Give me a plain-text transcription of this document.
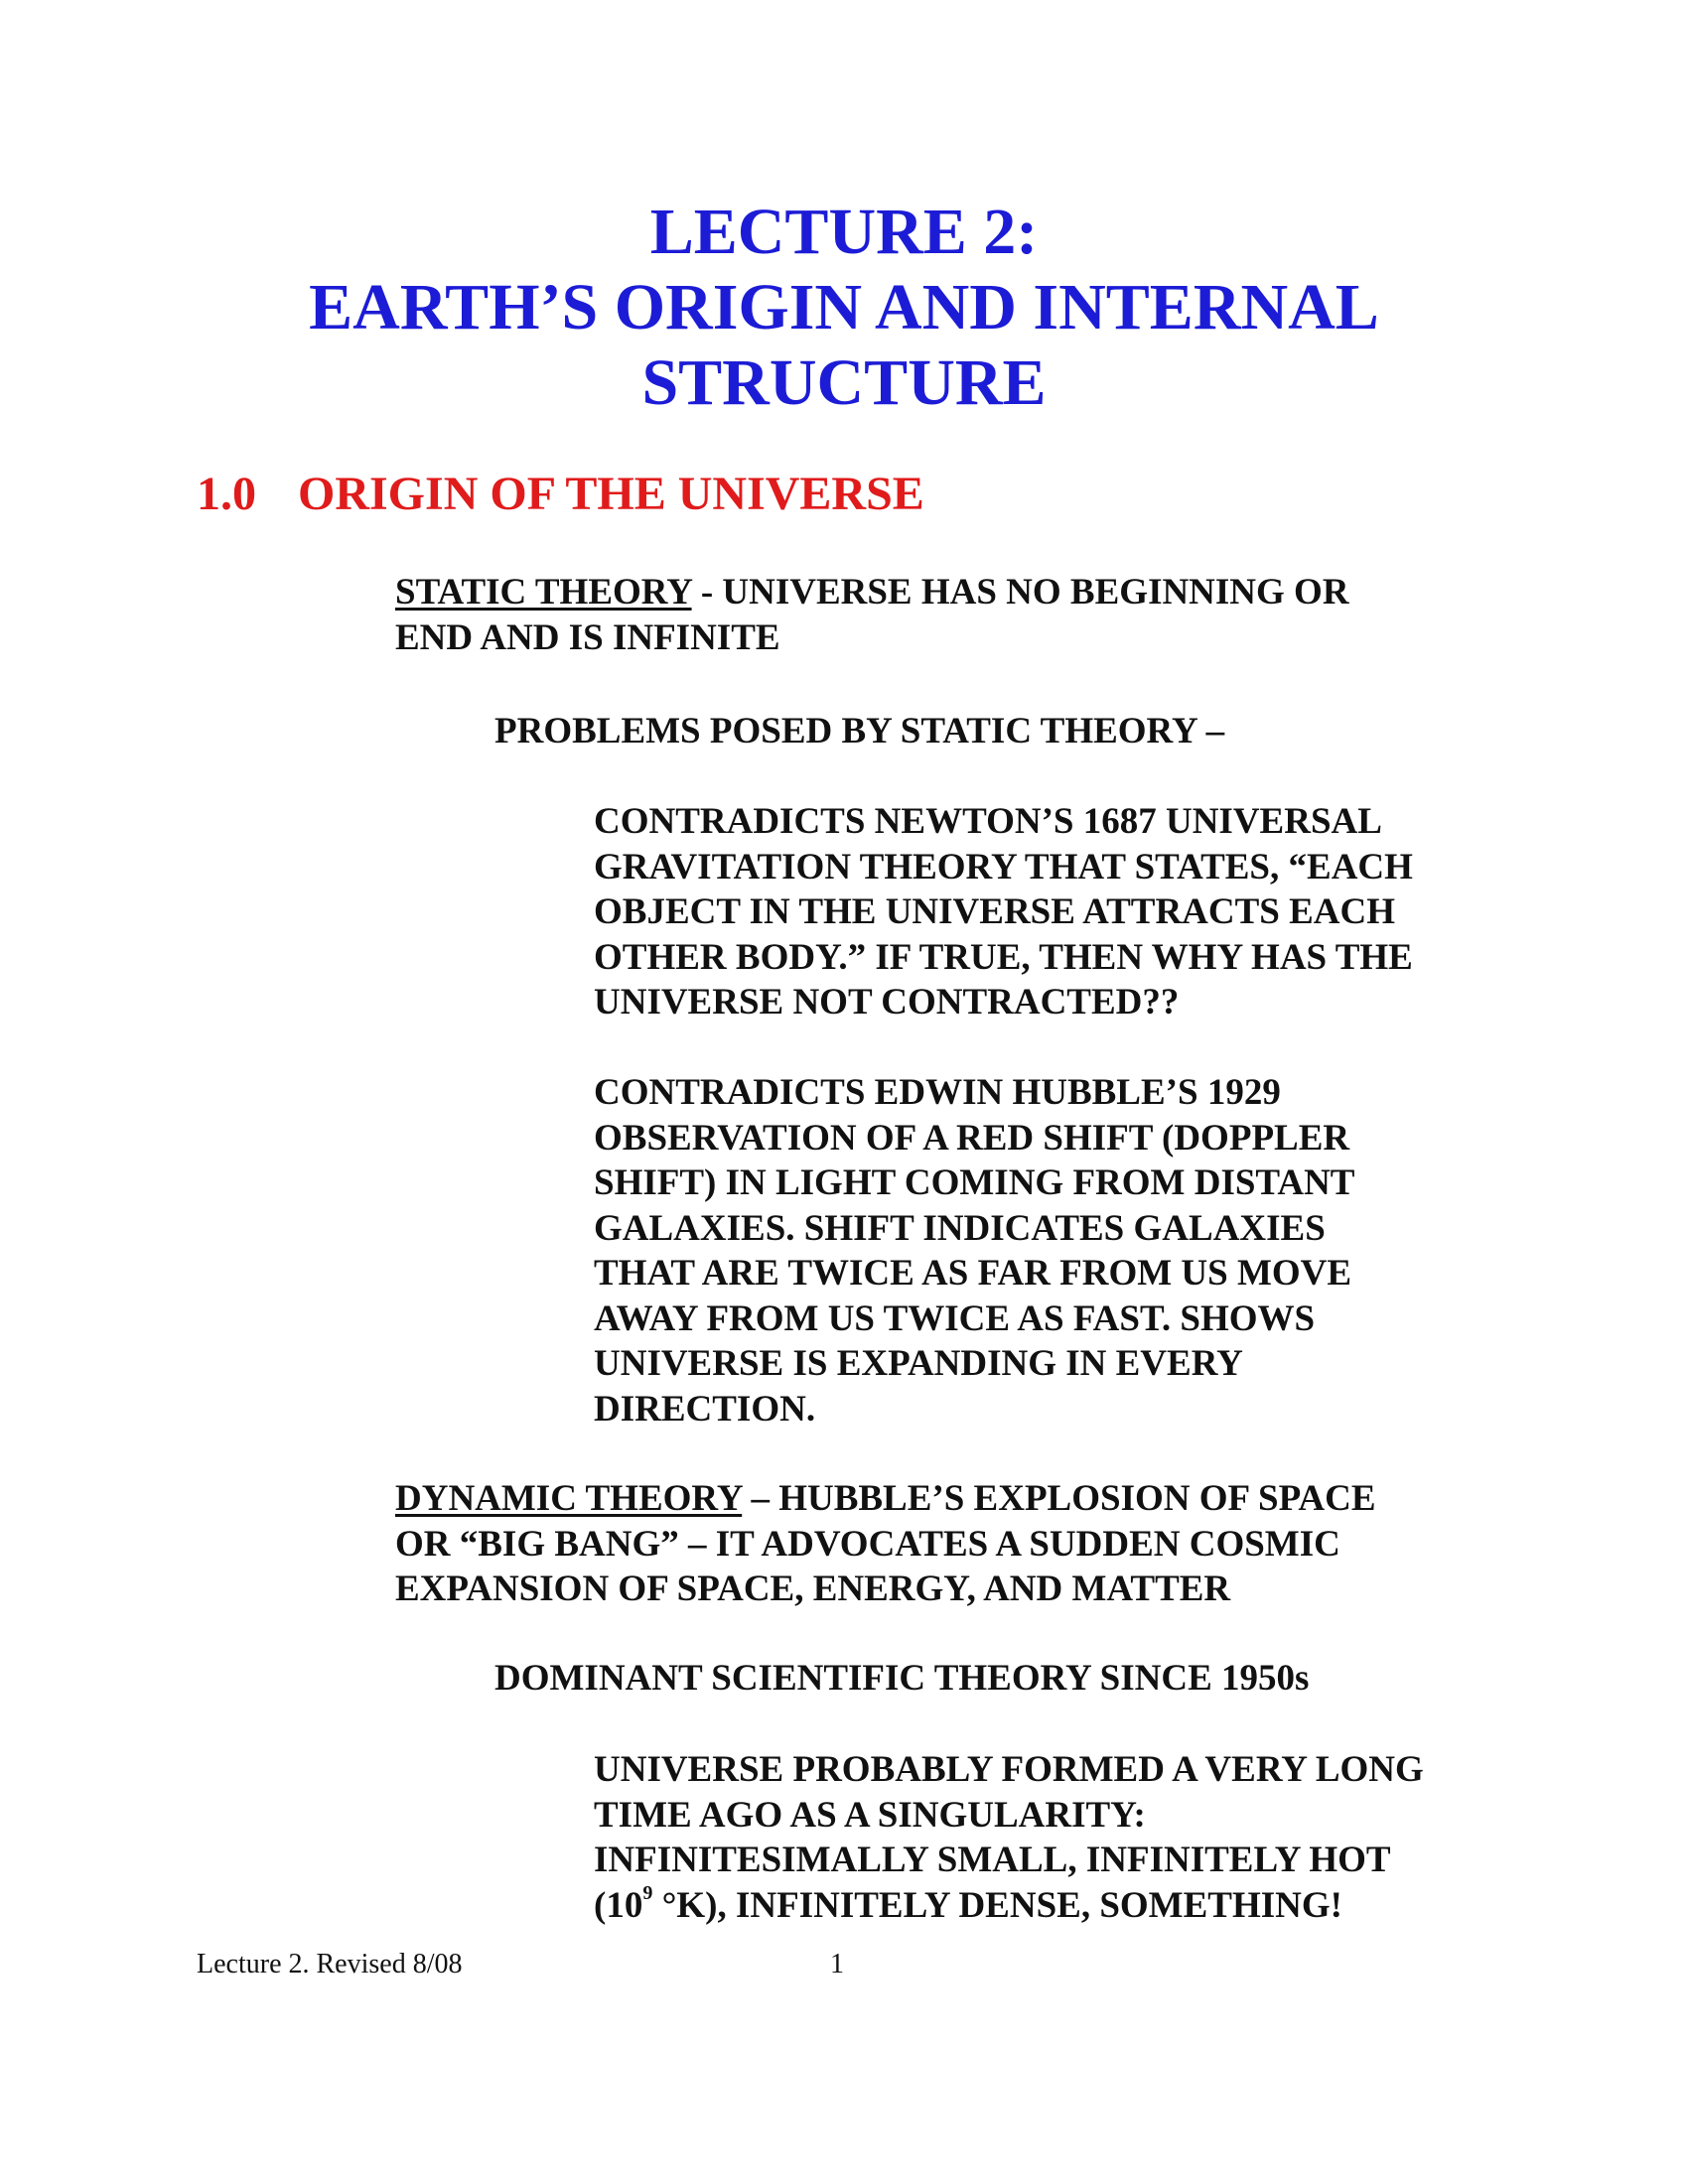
LECTURE 2:
EARTH’S ORIGIN AND INTERNAL
STRUCTURE
1.0 ORIGIN OF THE UNIVERSE
STATIC THEORY - UNIVERSE HAS NO BEGINNING OR
END AND IS INFINITE
PROBLEMS POSED BY STATIC THEORY –
CONTRADICTS NEWTON’S 1687 UNIVERSAL
GRAVITATION THEORY THAT STATES, “EACH
OBJECT IN THE UNIVERSE ATTRACTS EACH
OTHER BODY.” IF TRUE, THEN WHY HAS THE
UNIVERSE NOT CONTRACTED??
CONTRADICTS EDWIN HUBBLE’S 1929
OBSERVATION OF A RED SHIFT (DOPPLER
SHIFT) IN LIGHT COMING FROM DISTANT
GALAXIES. SHIFT INDICATES GALAXIES
THAT ARE TWICE AS FAR FROM US MOVE
AWAY FROM US TWICE AS FAST. SHOWS
UNIVERSE IS EXPANDING IN EVERY
DIRECTION.
DYNAMIC THEORY – HUBBLE’S EXPLOSION OF SPACE
OR “BIG BANG” – IT ADVOCATES A SUDDEN COSMIC
EXPANSION OF SPACE, ENERGY, AND MATTER
DOMINANT SCIENTIFIC THEORY SINCE 1950s
UNIVERSE PROBABLY FORMED A VERY LONG
TIME AGO AS A SINGULARITY:
INFINITESIMALLY SMALL, INFINITELY HOT
($10^9$ °K), INFINITELY DENSE, SOMETHING!
Lecture 2. Revised 8/08	1
